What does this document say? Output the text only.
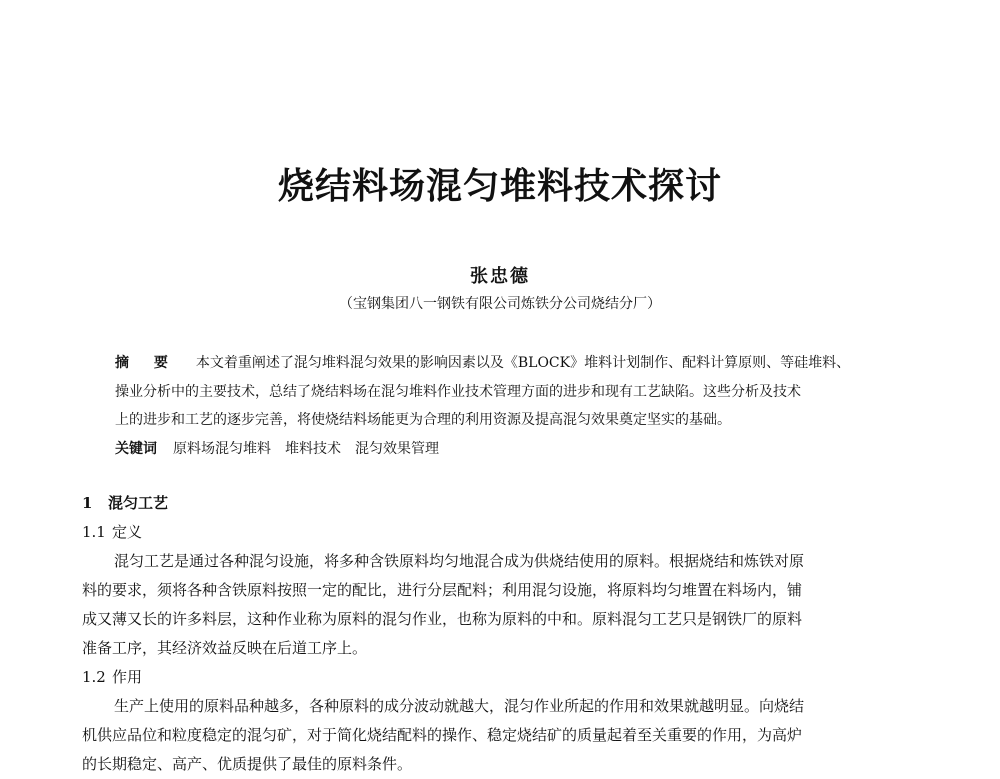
烧结料场混匀堆料技术探讨
张忠德
（宝钢集团八一钢铁有限公司炼铁分公司烧结分厂）
摘 要 本文着重阐述了混匀堆料混匀效果的影响因素以及《BLOCK》堆料计划制作、配料计算原则、等硅堆料、
操业分析中的主要技术，总结了烧结料场在混匀堆料作业技术管理方面的进步和现有工艺缺陷。这些分析及技术
上的进步和工艺的逐步完善，将使烧结料场能更为合理的利用资源及提高混匀效果奠定坚实的基础。
关键词 原料场混匀堆料 堆料技术 混匀效果管理
1 混匀工艺
1.1 定义
混匀工艺是通过各种混匀设施，将多种含铁原料均匀地混合成为供烧结使用的原料。根据烧结和炼铁对原
料的要求，须将各种含铁原料按照一定的配比，进行分层配料；利用混匀设施，将原料均匀堆置在料场内，铺
成又薄又长的许多料层，这种作业称为原料的混匀作业，也称为原料的中和。原料混匀工艺只是钢铁厂的原料
准备工序，其经济效益反映在后道工序上。
1.2 作用
生产上使用的原料品种越多，各种原料的成分波动就越大，混匀作业所起的作用和效果就越明显。向烧结
机供应品位和粒度稳定的混匀矿，对于简化烧结配料的操作、稳定烧结矿的质量起着至关重要的作用，为高炉
的长期稳定、高产、优质提供了最佳的原料条件。
